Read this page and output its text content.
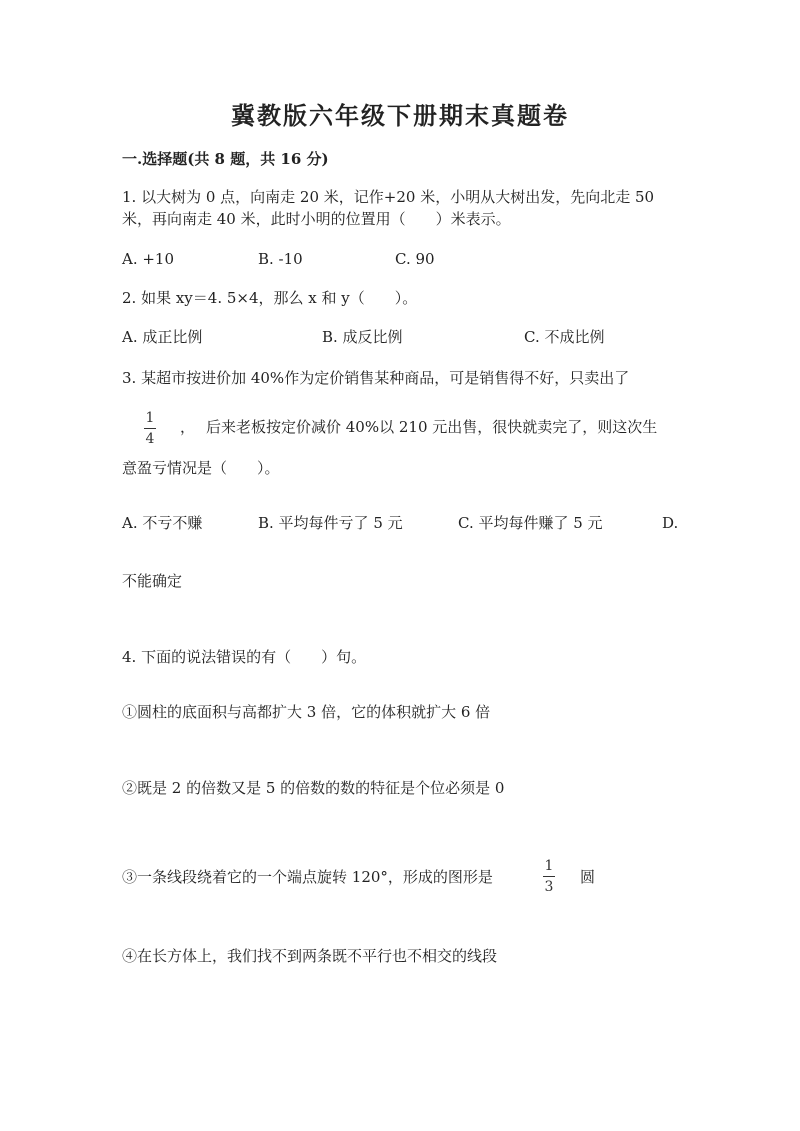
冀教版六年级下册期末真题卷
一.选择题(共 8 题，共 16 分)
1. 以大树为 0 点，向南走 20 米，记作+20 米，小明从大树出发，先向北走 50
米，再向南走 40 米，此时小明的位置用（　　）米表示。
A. +10	B. -10	C. 90
2. 如果 xy＝4. 5×4，那么 x 和 y（　　）。
A. 成正比例	B. 成反比例	C. 不成比例
3. 某超市按进价加 40%作为定价销售某种商品，可是销售得不好，只卖出了
1
4
， 后来老板按定价减价 40%以 210 元出售，很快就卖完了，则这次生
意盈亏情况是（　　）。
A. 不亏不赚	B. 平均每件亏了 5 元	C. 平均每件赚了 5 元	D.
不能确定
4. 下面的说法错误的有（　　）句。
①圆柱的底面积与高都扩大 3 倍，它的体积就扩大 6 倍
②既是 2 的倍数又是 5 的倍数的数的特征是个位必须是 0
③一条线段绕着它的一个端点旋转 120°，形成的图形是
1
3
圆
④在长方体上，我们找不到两条既不平行也不相交的线段
